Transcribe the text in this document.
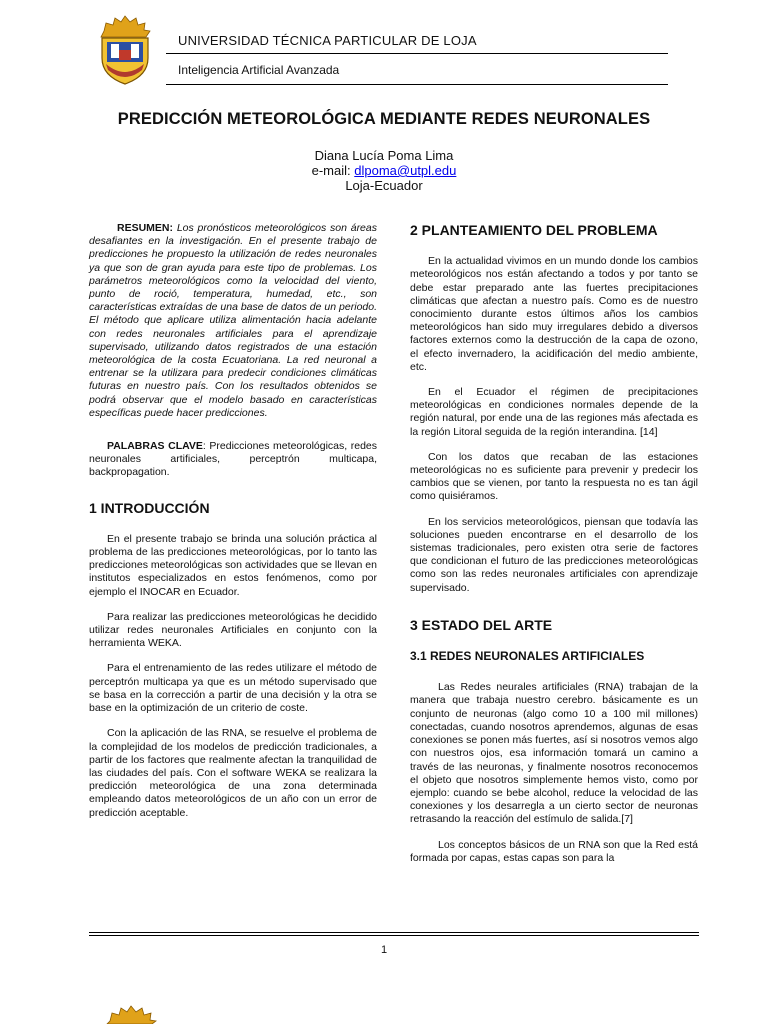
UNIVERSIDAD TÉCNICA PARTICULAR DE LOJA
Inteligencia Artificial Avanzada
PREDICCIÓN METEOROLÓGICA MEDIANTE REDES NEURONALES
Diana Lucía Poma Lima
e-mail: dlpoma@utpl.edu
Loja-Ecuador

RESUMEN: Los pronósticos meteorológicos son áreas desafiantes en la investigación. En el presente trabajo de predicciones he propuesto la utilización de redes neuronales ya que son de gran ayuda para este tipo de problemas. Los parámetros meteorológicos como la velocidad del viento, punto de roció, temperatura, humedad, etc., son características extraídas de una base de datos de un periodo. El método que aplicare utiliza alimentación hacia adelante con redes neuronales artificiales para el aprendizaje supervisado, utilizando datos registrados de una estación meteorológica de la costa Ecuatoriana. La red neuronal a entrenar se la utilizara para predecir condiciones climáticas futuras en nuestro país. Con los resultados obtenidos se podrá observar que el modelo basado en características específicas puede hacer predicciones.

PALABRAS CLAVE: Predicciones meteorológicas, redes neuronales artificiales, perceptrón multicapa, backpropagation.

1 INTRODUCCIÓN

En el presente trabajo se brinda una solución práctica al problema de las predicciones meteorológicas, por lo tanto las predicciones meteorológicas son actividades que se llevan en institutos especializados en estos fenómenos, como por ejemplo el INOCAR en Ecuador.

Para realizar las predicciones meteorológicas he decidido utilizar redes neuronales Artificiales en conjunto con la herramienta WEKA.

Para el entrenamiento de las redes utilizare el método de perceptrón multicapa ya que es un método supervisado que se basa en la corrección a partir de una decisión y la otra se base en la optimización de un criterio de coste.

Con la aplicación de las RNA, se resuelve el problema de la complejidad de los modelos de predicción tradicionales, a partir de los factores que realmente afectan la tranquilidad de las ciudades del país. Con el software WEKA se realizara la predicción meteorológica de una zona determinada empleando datos meteorológicos de un año con un error de predicción aceptable.

2 PLANTEAMIENTO DEL PROBLEMA

En la actualidad vivimos en un mundo donde los cambios meteorológicos nos están afectando a todos y por tanto se debe estar preparado ante las fuertes precipitaciones climáticas que afectan a nuestro país. Como es de nuestro conocimiento durante estos últimos años los cambios meteorológicos han sido muy irregulares debido a diversos factores externos como la destrucción de la capa de ozono, el efecto invernadero, la acidificación del medio ambiente, etc.

En el Ecuador el régimen de precipitaciones meteorológicas en condiciones normales depende de la región natural, por ende una de las regiones más afectada es la región Litoral seguida de la región interandina. [14]

Con los datos que recaban de las estaciones meteorológicas no es suficiente para prevenir y predecir los cambios que se vienen, por tanto la respuesta no es tan ágil como quisiéramos.

En los servicios meteorológicos, piensan que todavía las soluciones pueden encontrarse en el desarrollo de los sistemas tradicionales, pero existen otra serie de factores que condicionan el futuro de las predicciones meteorológicas como son las redes neuronales artificiales con aprendizaje supervisado.

3 ESTADO DEL ARTE
3.1 REDES NEURONALES ARTIFICIALES

Las Redes neurales artificiales (RNA) trabajan de la manera que trabaja nuestro cerebro. básicamente es un conjunto de neuronas (algo como 10 a 100 mil millones) conectadas, cuando nosotros aprendemos, algunas de esas conexiones se ponen más fuertes, así si nosotros vemos algo con nuestros ojos, esa información tomará un camino a través de las neuronas, y finalmente nosotros reconocemos el objeto que nosotros simplemente hemos visto, como por ejemplo: cuando se bebe alcohol, reduce la velocidad de las conexiones y los desarregla a un cierto sector de neuronas retrasando la reacción del estímulo de salida.[7]

Los conceptos básicos de un RNA son que la Red está formada por capas, estas capas son para la

1
